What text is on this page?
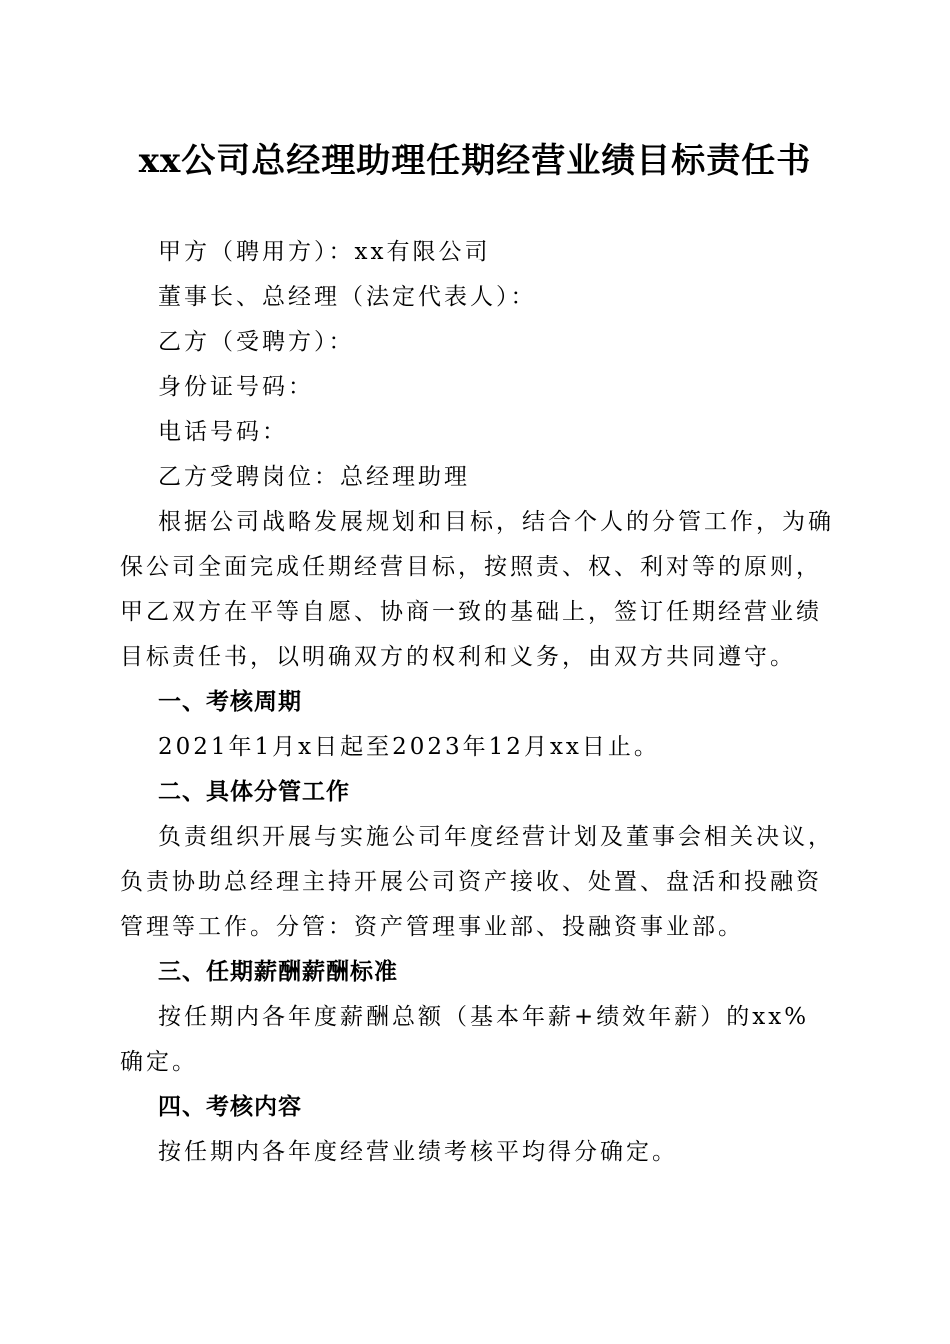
xx公司总经理助理任期经营业绩目标责任书
甲方（聘用方）：xx有限公司
董事长、总经理（法定代表人）：
乙方（受聘方）：
身份证号码：
电话号码：
乙方受聘岗位：总经理助理
根据公司战略发展规划和目标，结合个人的分管工作，为确
保公司全面完成任期经营目标，按照责、权、利对等的原则，
甲乙双方在平等自愿、协商一致的基础上，签订任期经营业绩
目标责任书，以明确双方的权利和义务，由双方共同遵守。
一、考核周期
2021年1月x日起至2023年12月xx日止。
二、具体分管工作
负责组织开展与实施公司年度经营计划及董事会相关决议，
负责协助总经理主持开展公司资产接收、处置、盘活和投融资
管理等工作。分管：资产管理事业部、投融资事业部。
三、任期薪酬薪酬标准
按任期内各年度薪酬总额（基本年薪+绩效年薪）的xx%
确定。
四、考核内容
按任期内各年度经营业绩考核平均得分确定。
